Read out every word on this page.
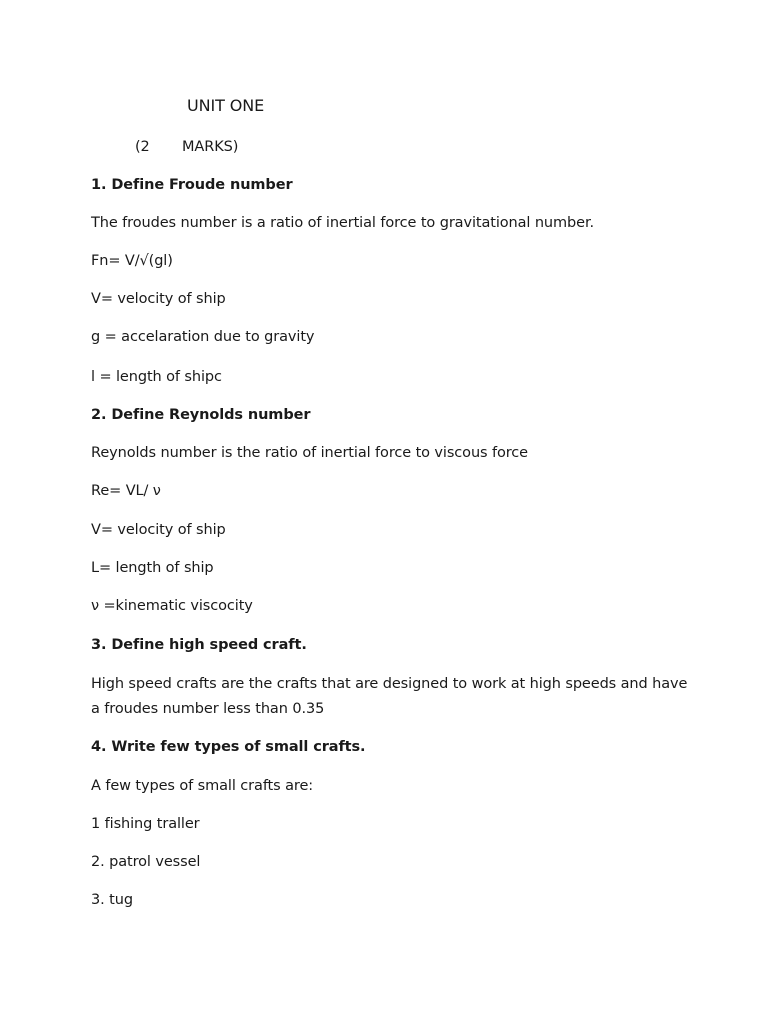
UNIT ONE
(2 MARKS)
1. Define Froude number
The froudes number is a ratio of inertial force to gravitational number.
Fn= V/√(gl)
V= velocity of ship
g = accelaration due to gravity
l = length of shipc
2. Define Reynolds number
Reynolds number is the ratio of inertial force to viscous force
Re= VL/ ν
V= velocity of ship
L= length of ship
ν =kinematic viscocity
3. Define high speed craft.
High speed crafts are the crafts that are designed to work at high speeds and have a froudes number less than 0.35
4. Write few types of small crafts.
A few types of small crafts are:
1 fishing traller
2. patrol vessel
3. tug
